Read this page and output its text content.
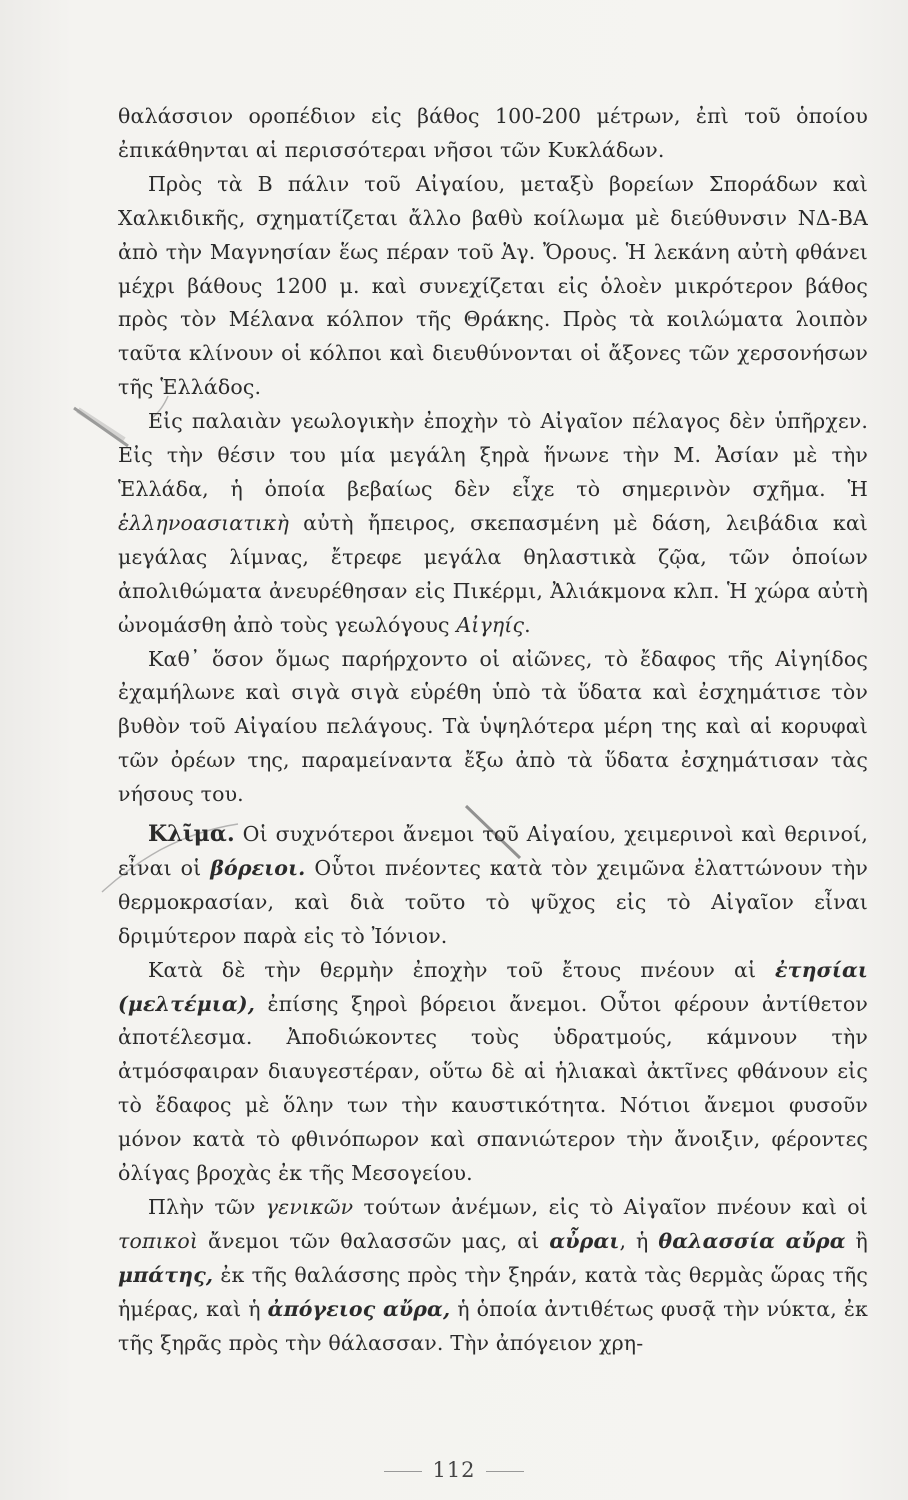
θαλάσσιον οροπέδιον εἰς βάθος 100-200 μέτρων, ἐπὶ τοῦ ὁποίου ἐπικάθηνται αἱ περισσότεραι νῆσοι τῶν Κυκλάδων.

Πρὸς τὰ Β πάλιν τοῦ Αἰγαίου, μεταξὺ βορείων Σποράδων καὶ Χαλκιδικῆς, σχηματίζεται ἄλλο βαθὺ κοίλωμα μὲ διεύθυνσιν ΝΔ-ΒΑ ἀπὸ τὴν Μαγνησίαν ἕως πέραν τοῦ Ἁγ. Ὄρους. Ἡ λεκάνη αὐτὴ φθάνει μέχρι βάθους 1200 μ. καὶ συνεχίζεται εἰς ὁλοὲν μικρότερον βάθος πρὸς τὸν Μέλανα κόλπον τῆς Θράκης. Πρὸς τὰ κοιλώματα λοιπὸν ταῦτα κλίνουν οἱ κόλποι καὶ διευθύνονται οἱ ἄξονες τῶν χερσονήσων τῆς Ἑλλάδος.

Εἰς παλαιὰν γεωλογικὴν ἐποχὴν τὸ Αἰγαῖον πέλαγος δὲν ὑπῆρχεν. Εἰς τὴν θέσιν του μία μεγάλη ξηρὰ ἥνωνε τὴν Μ. Ἀσίαν μὲ τὴν Ἑλλάδα, ἡ ὁποία βεβαίως δὲν εἶχε τὸ σημερινὸν σχῆμα. Ἡ ἑλληνοασιατικὴ αὐτὴ ἤπειρος, σκεπασμένη μὲ δάση, λειβάδια καὶ μεγάλας λίμνας, ἔτρεφε μεγάλα θηλαστικὰ ζῷα, τῶν ὁποίων ἀπολιθώματα ἀνευρέθησαν εἰς Πικέρμι, Ἀλιάκμονα κλπ. Ἡ χώρα αὐτὴ ὠνομάσθη ἀπὸ τοὺς γεωλόγους Αἰγηίς.

Καθ᾽ ὅσον ὅμως παρήρχοντο οἱ αἰῶνες, τὸ ἔδαφος τῆς Αἰγηίδος ἐχαμήλωνε καὶ σιγὰ σιγὰ εὑρέθη ὑπὸ τὰ ὕδατα καὶ ἐσχημάτισε τὸν βυθὸν τοῦ Αἰγαίου πελάγους. Τὰ ὑψηλότερα μέρη της καὶ αἱ κορυφαὶ τῶν ὀρέων της, παραμείναντα ἔξω ἀπὸ τὰ ὕδατα ἐσχημάτισαν τὰς νήσους του.

Κλῖμα. Οἱ συχνότεροι ἄνεμοι τοῦ Αἰγαίου, χειμερινοὶ καὶ θερινοί, εἶναι οἱ βόρειοι. Οὗτοι πνέοντες κατὰ τὸν χειμῶνα ἐλαττώνουν τὴν θερμοκρασίαν, καὶ διὰ τοῦτο τὸ ψῦχος εἰς τὸ Αἰγαῖον εἶναι δριμύτερον παρὰ εἰς τὸ Ἰόνιον.

Κατὰ δὲ τὴν θερμὴν ἐποχὴν τοῦ ἔτους πνέουν αἱ ἐτησίαι (μελτέμια), ἐπίσης ξηροὶ βόρειοι ἄνεμοι. Οὗτοι φέρουν ἀντίθετον ἀποτέλεσμα. Ἀποδιώκοντες τοὺς ὑδρατμούς, κάμνουν τὴν ἀτμόσφαιραν διαυγεστέραν, οὕτω δὲ αἱ ἡλιακαὶ ἀκτῖνες φθάνουν εἰς τὸ ἔδαφος μὲ ὅλην των τὴν καυστικότητα. Νότιοι ἄνεμοι φυσοῦν μόνον κατὰ τὸ φθινόπωρον καὶ σπανιώτερον τὴν ἄνοιξιν, φέροντες ὀλίγας βροχὰς ἐκ τῆς Μεσογείου.

Πλὴν τῶν γενικῶν τούτων ἀνέμων, εἰς τὸ Αἰγαῖον πνέουν καὶ οἱ τοπικοὶ ἄνεμοι τῶν θαλασσῶν μας, αἱ αὖραι, ἡ θαλασσία αὔρα ἢ μπάτης, ἐκ τῆς θαλάσσης πρὸς τὴν ξηράν, κατὰ τὰς θερμὰς ὥρας τῆς ἡμέρας, καὶ ἡ ἀπόγειος αὔρα, ἡ ὁποία ἀντιθέτως φυσᾷ τὴν νύκτα, ἐκ τῆς ξηρᾶς πρὸς τὴν θάλασσαν. Τὴν ἀπόγειον χρη-

112
